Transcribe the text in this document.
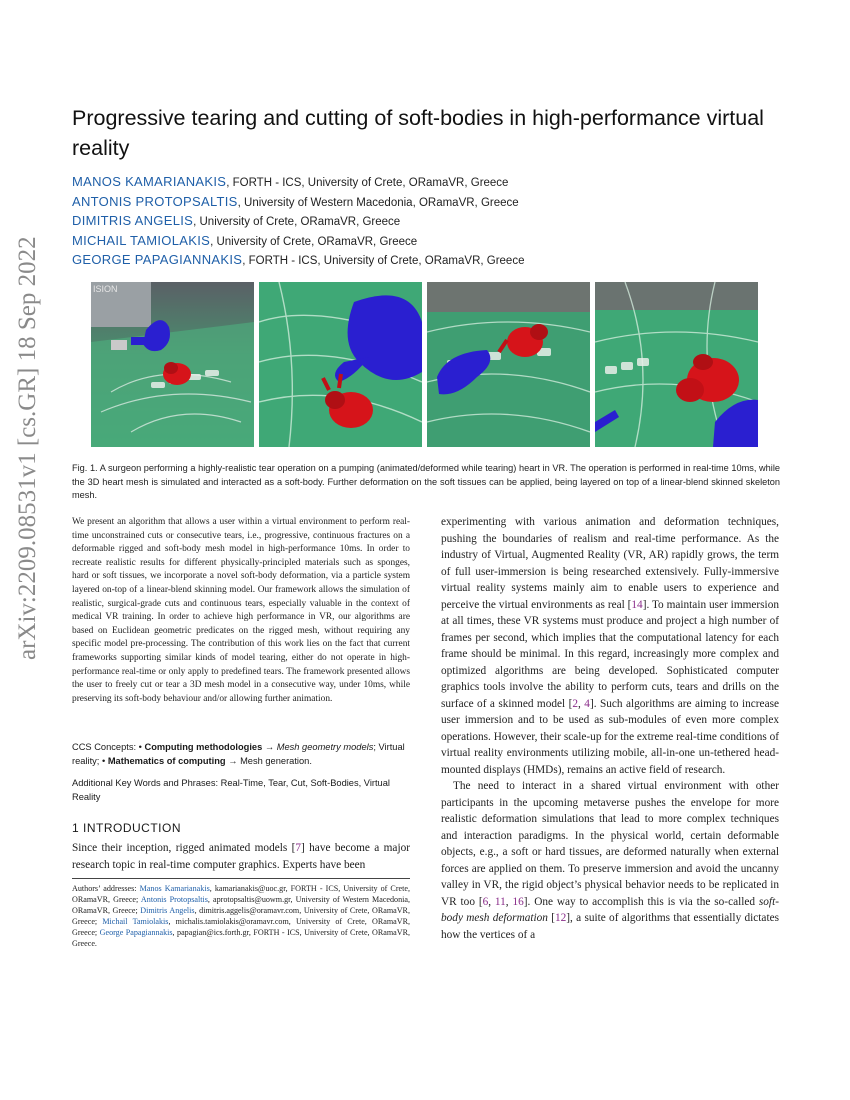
arXiv:2209.08531v1 [cs.GR] 18 Sep 2022
Progressive tearing and cutting of soft-bodies in high-performance virtual reality
MANOS KAMARIANAKIS, FORTH - ICS, University of Crete, ORamaVR, Greece
ANTONIS PROTOPSALTIS, University of Western Macedonia, ORamaVR, Greece
DIMITRIS ANGELIS, University of Crete, ORamaVR, Greece
MICHAIL TAMIOLAKIS, University of Crete, ORamaVR, Greece
GEORGE PAPAGIANNAKIS, FORTH - ICS, University of Crete, ORamaVR, Greece
ISION
Fig. 1. A surgeon performing a highly-realistic tear operation on a pumping (animated/deformed while tearing) heart in VR. The operation is performed in real-time 10ms, while the 3D heart mesh is simulated and interacted as a soft-body. Further deformation on the soft tissues can be applied, being layered on top of a linear-blend skinned skeleton mesh.

We present an algorithm that allows a user within a virtual environment to perform real-time unconstrained cuts or consecutive tears, i.e., progressive, continuous fractures on a deformable rigged and soft-body mesh model in high-performance 10ms. In order to recreate realistic results for different physically-principled materials such as sponges, hard or soft tissues, we incorporate a novel soft-body deformation, via a particle system layered on-top of a linear-blend skinning model. Our framework allows the simulation of realistic, surgical-grade cuts and continuous tears, especially valuable in the context of medical VR training. In order to achieve high performance in VR, our algorithms are based on Euclidean geometric predicates on the rigged mesh, without requiring any specific model pre-processing. The contribution of this work lies on the fact that current frameworks supporting similar kinds of model tearing, either do not operate in high-performance real-time or only apply to predefined tears. The framework presented allows the user to freely cut or tear a 3D mesh model in a consecutive way, under 10ms, while preserving its soft-body behaviour and/or allowing further animation.

CCS Concepts: • Computing methodologies → Mesh geometry models; Virtual reality; • Mathematics of computing → Mesh generation.
Additional Key Words and Phrases: Real-Time, Tear, Cut, Soft-Bodies, Virtual Reality
1 INTRODUCTION
Since their inception, rigged animated models [7] have become a major research topic in real-time computer graphics. Experts have been
Authors’ addresses: Manos Kamarianakis, kamarianakis@uoc.gr, FORTH - ICS, University of Crete, ORamaVR, Greece; Antonis Protopsaltis, aprotopsaltis@uowm.gr, University of Western Macedonia, ORamaVR, Greece; Dimitris Angelis, dimitris.aggelis@oramavr.com, University of Crete, ORamaVR, Greece; Michail Tamiolakis, michalis.tamiolakis@oramavr.com, University of Crete, ORamaVR, Greece; George Papagiannakis, papagian@ics.forth.gr, FORTH - ICS, University of Crete, ORamaVR, Greece.

experimenting with various animation and deformation techniques, pushing the boundaries of realism and real-time performance. As the industry of Virtual, Augmented Reality (VR, AR) rapidly grows, the term of full user-immersion is being researched extensively. Fully-immersive virtual reality systems mainly aim to enable users to experience and perceive the virtual environments as real [14]. To maintain user immersion at all times, these VR systems must produce and project a high number of frames per second, which implies that the computational latency for each frame should be minimal. In this regard, increasingly more complex and optimized algorithms are being developed. Sophisticated computer graphics tools involve the ability to perform cuts, tears and drills on the surface of a skinned model [2, 4]. Such algorithms are aiming to increase user immersion and to be used as sub-modules of even more complex operations. However, their scale-up for the extreme real-time conditions of virtual reality environments utilizing mobile, all-in-one un-tethered head-mounted displays (HMDs), remains an active field of research.

The need to interact in a shared virtual environment with other participants in the upcoming metaverse pushes the envelope for more realistic deformation simulations that lead to more complex techniques and interaction paradigms. In the physical world, certain deformable objects, e.g., a soft or hard tissues, are deformed naturally when external forces are applied on them. To preserve immersion and avoid the uncanny valley in VR, the rigid object’s physical behavior needs to be replicated in VR too [6, 11, 16]. One way to accomplish this is via the so-called soft-body mesh deformation [12], a suite of algorithms that essentially dictates how the vertices of a
